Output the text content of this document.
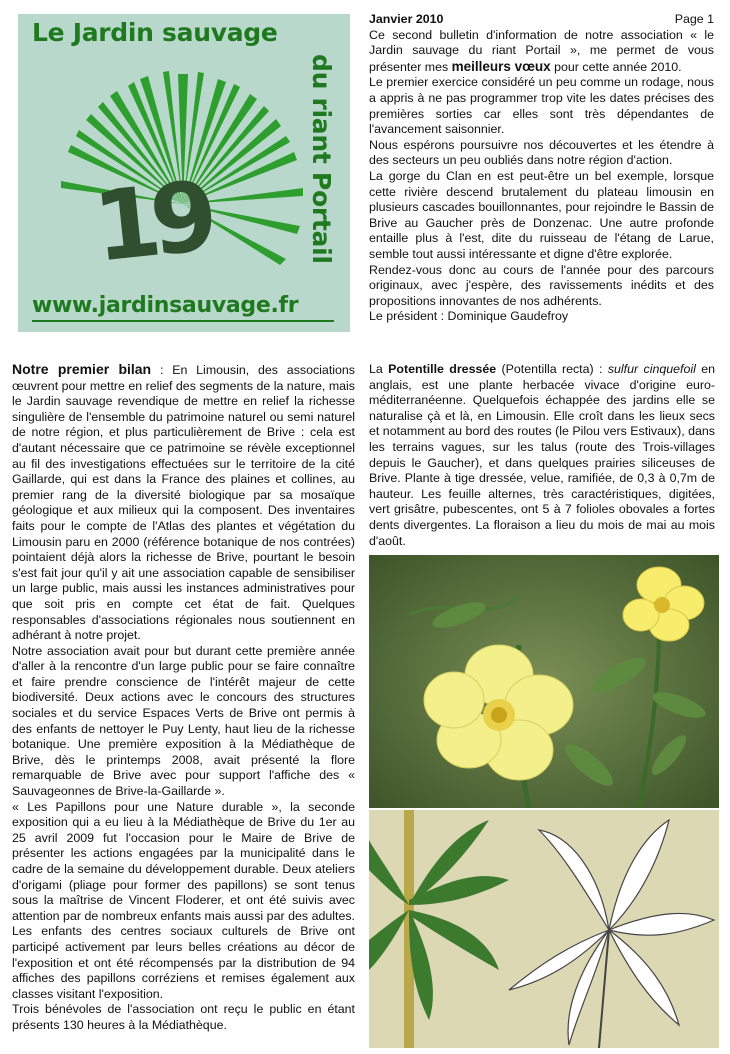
19
Le Jardin sauvage
du riant Portail
www.jardinsauvage.fr
Janvier 2010	Page 1

Ce second bulletin d'information de notre association « le Jardin sauvage du riant Portail », me permet de vous présenter mes meilleurs vœux pour cette année 2010.

Le premier exercice considéré un peu comme un rodage, nous a appris à ne pas programmer trop vite les dates précises des premières sorties car elles sont très dépendantes de l'avancement saisonnier.

Nous espérons poursuivre nos découvertes et les étendre à des secteurs un peu oubliés dans notre région d'action.

La gorge du Clan en est peut-être un bel exemple, lorsque cette rivière descend brutalement du plateau limousin en plusieurs cascades bouillonnantes, pour rejoindre le Bassin de Brive au Gaucher près de Donzenac. Une autre profonde entaille plus à l'est, dite du ruisseau de l'étang de Larue, semble tout aussi intéressante et digne d'être explorée.

Rendez-vous donc au cours de l'année pour des parcours originaux, avec j'espère, des ravissements inédits et des propositions innovantes de nos adhérents.

Le président : Dominique Gaudefroy

Notre premier bilan : En Limousin, des associations œuvrent pour mettre en relief des segments de la nature, mais le Jardin sauvage revendique de mettre en relief la richesse singulière de l'ensemble du patrimoine naturel ou semi naturel de notre région, et plus particulièrement de Brive : cela est d'autant nécessaire que ce patrimoine se révèle exceptionnel au fil des investigations effectuées sur le territoire de la cité Gaillarde, qui est dans la France des plaines et collines, au premier rang de la diversité biologique par sa mosaïque géologique et aux milieux qui la composent. Des inventaires faits pour le compte de l'Atlas des plantes et végétation du Limousin paru en 2000 (référence botanique de nos contrées) pointaient déjà alors la richesse de Brive, pourtant le besoin s'est fait jour qu'il y ait une association capable de sensibiliser un large public, mais aussi les instances administratives pour que soit pris en compte cet état de fait. Quelques responsables d'associations régionales nous soutiennent en adhérant à notre projet.

Notre association avait pour but durant cette première année d'aller à la rencontre d'un large public pour se faire connaître et faire prendre conscience de l'intérêt majeur de cette biodiversité. Deux actions avec le concours des structures sociales et du service Espaces Verts de Brive ont permis à des enfants de nettoyer le Puy Lenty, haut lieu de la richesse botanique. Une première exposition à la Médiathèque de Brive, dès le printemps 2008, avait présenté la flore remarquable de Brive avec pour support l'affiche des « Sauvageonnes de Brive-la-Gaillarde ».

« Les Papillons pour une Nature durable », la seconde exposition qui a eu lieu à la Médiathèque de Brive du 1er au 25 avril 2009 fut l'occasion pour le Maire de Brive de présenter les actions engagées par la municipalité dans le cadre de la semaine du développement durable. Deux ateliers d'origami (pliage pour former des papillons) se sont tenus sous la maîtrise de Vincent Floderer, et ont été suivis avec attention par de nombreux enfants mais aussi par des adultes. Les enfants des centres sociaux culturels de Brive ont participé activement par leurs belles créations au décor de l'exposition et ont été récompensés par la distribution de 94 affiches des papillons corréziens et remises également aux classes visitant l'exposition.

Trois bénévoles de l'association ont reçu le public en étant présents 130 heures à la Médiathèque.

La Potentille dressée (Potentilla recta) : sulfur cinquefoil en anglais, est une plante herbacée vivace d'origine euro-méditerranéenne. Quelquefois échappée des jardins elle se naturalise çà et là, en Limousin. Elle croît dans les lieux secs et notamment au bord des routes (le Pilou vers Estivaux), dans les terrains vagues, sur les talus (route des Trois-villages depuis le Gaucher), et dans quelques prairies siliceuses de Brive. Plante à tige dressée, velue, ramifiée, de 0,3 à 0,7m de hauteur. Les feuille alternes, très caractéristiques, digitées, vert grisâtre, pubescentes, ont 5 à 7 folioles obovales a fortes dents divergentes. La floraison a lieu du mois de mai au mois d'août.
